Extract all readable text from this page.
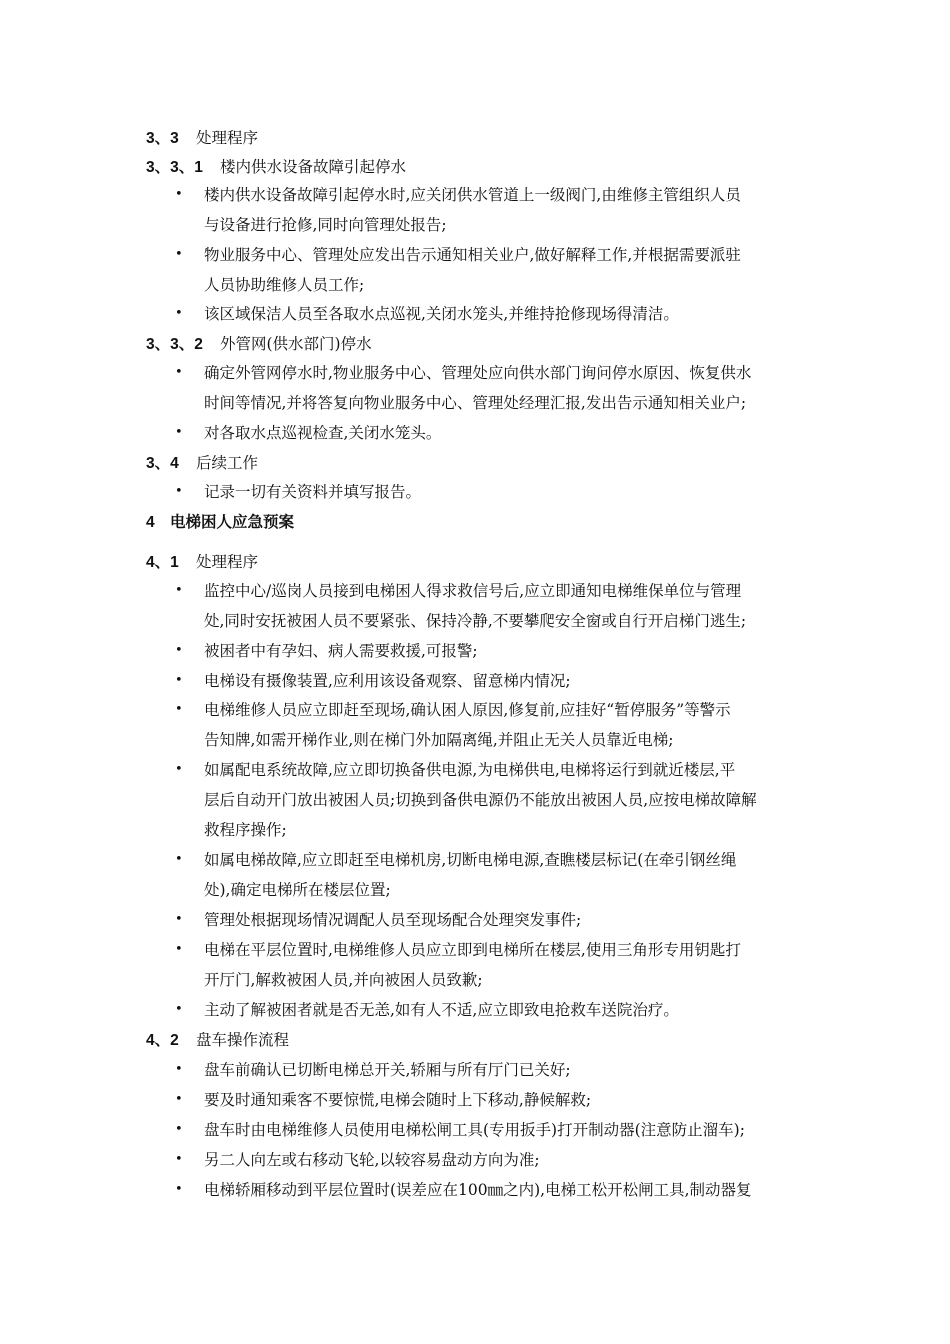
3、3 处理程序
3、3、1 楼内供水设备故障引起停水
• 楼内供水设备故障引起停水时,应关闭供水管道上一级阀门,由维修主管组织人员
与设备进行抢修,同时向管理处报告;
• 物业服务中心、管理处应发出告示通知相关业户,做好解释工作,并根据需要派驻
人员协助维修人员工作;
• 该区域保洁人员至各取水点巡视,关闭水笼头,并维持抢修现场得清洁。
3、3、2 外管网(供水部门)停水
• 确定外管网停水时,物业服务中心、管理处应向供水部门询问停水原因、恢复供水
时间等情况,并将答复向物业服务中心、管理处经理汇报,发出告示通知相关业户;
• 对各取水点巡视检查,关闭水笼头。
3、4 后续工作
• 记录一切有关资料并填写报告。
4 电梯困人应急预案
4、1 处理程序
• 监控中心/巡岗人员接到电梯困人得求救信号后,应立即通知电梯维保单位与管理
处,同时安抚被困人员不要紧张、保持冷静,不要攀爬安全窗或自行开启梯门逃生;
• 被困者中有孕妇、病人需要救援,可报警;
• 电梯设有摄像装置,应利用该设备观察、留意梯内情况;
• 电梯维修人员应立即赶至现场,确认困人原因,修复前,应挂好“暂停服务”等警示
告知牌,如需开梯作业,则在梯门外加隔离绳,并阻止无关人员靠近电梯;
• 如属配电系统故障,应立即切换备供电源,为电梯供电,电梯将运行到就近楼层,平
层后自动开门放出被困人员;切换到备供电源仍不能放出被困人员,应按电梯故障解
救程序操作;
• 如属电梯故障,应立即赶至电梯机房,切断电梯电源,查瞧楼层标记(在牵引钢丝绳
处),确定电梯所在楼层位置;
• 管理处根据现场情况调配人员至现场配合处理突发事件;
• 电梯在平层位置时,电梯维修人员应立即到电梯所在楼层,使用三角形专用钥匙打
开厅门,解救被困人员,并向被困人员致歉;
• 主动了解被困者就是否无恙,如有人不适,应立即致电抢救车送院治疗。
4、2 盘车操作流程
• 盘车前确认已切断电梯总开关,轿厢与所有厅门已关好;
• 要及时通知乘客不要惊慌,电梯会随时上下移动,静候解救;
• 盘车时由电梯维修人员使用电梯松闸工具(专用扳手)打开制动器(注意防止溜车);
• 另二人向左或右移动飞轮,以较容易盘动方向为准;
• 电梯轿厢移动到平层位置时(误差应在100㎜之内),电梯工松开松闸工具,制动器复
